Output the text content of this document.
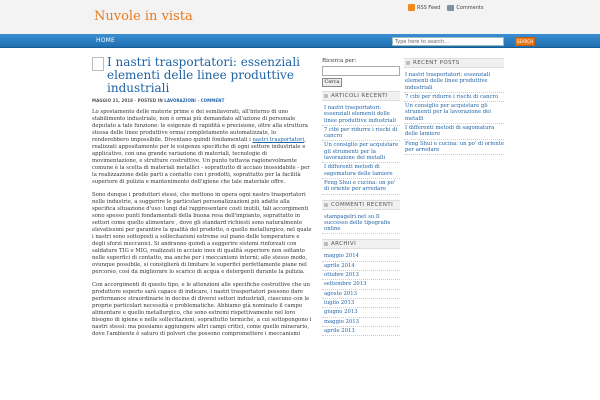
Nuvole in vista
RSS Feed	Comments
HOME	Type here to search...	SEARCH
I nastri trasportatori: essenziali elementi delle linee produttive industriali
MAGGIO 21, 2018 · POSTED IN LAVORAZIONI · COMMENT

Lo spostamento delle materie prime e dei semilavorati, all'interno di uno stabilimento industriale, non è ormai più demandato all'azione di personale deputato a tale funzione: le esigenze di rapidità e precisione, oltre alla struttura stessa delle linee produttive ormai completamente automatizzate, lo renderebbero impossibile. Diventano quindi fondamentali i nastri trasportatori, realizzati appositamente per le esigenze specifiche di ogni settore industriale e applicativo, con una grande variazione di materiali, tecnologie di movimentazione, e strutture costruttive. Un punto tuttavia ragionevolmente comune è la scelta di materiali metallici - soprattutto di acciaio inossidabile - per la realizzazione delle parti a contatto con i prodotti, soprattutto per la facilità superiore di pulizia e mantenimento dell'igiene che tale materiale offre.

Sono dunque i produttori stessi, che mettono in opera ogni nastro trasportatori nelle industrie, a suggerire le particolari personalizzazioni più adatte alla specifica situazione d'uso: lungi dal rappresentare costi inutili, tali accorgimenti sono spesso punti fondamentali della buona resa dell'impianto, soprattutto in settori come quello alimentare , dove gli standard richiesti sono naturalmente elevatissimi per garantire la qualità del prodotto, o quello metallurgico, nel quale i nastri sono sottoposti a sollecitazioni estreme sul piano delle temperature e degli sforzi meccanici. Si andranno quindi a suggerire sistemi rinforzati con saldature TIG e MIG, realizzati in acciaio inox di qualità superiore non soltanto nelle superfici di contatto, ma anche per i meccanismi interni; allo stesso modo, ovunque possibile, si consiglierà di limitare le superfici perfettamente piane nel percorso, così da migliorare lo scarico di acqua e detergenti durante la pulizia.

Con accorgimenti di questo tipo, e le attenzioni alle specifiche costruttive che un produttore esperto sarà capace di indicare, i nastri trasportatori possono dare performance straordinarie in decine di diversi settori industriali, ciascuno con le proprie particolari necessità e problematiche. Abbiamo già nominato il campo alimentare e quello metallurgico, che sono estremi rispettivamente nel loro bisogno di igiene e nelle sollecitazioni, soprattutto termiche, a cui sottopongono i nastri stessi: ma possiamo aggiungere altri campi critici, come quello minerario, dove l'ambiente è saturo di polveri che possono compromettere i meccanismi

Ricerca per:
Cerca
ARTICOLI RECENTI
I nastri trasportatori: essenziali elementi delle linee produttive industriali
7 cibi per ridurre i rischi di cancro
Un consiglio per acquistare gli strumenti per la lavorazione dei metalli
I differenti metodi di sagomatura delle lamiere
Feng Shui e cucina: un po' di oriente per arredare
COMMENTI RECENTI
stampagelri.net su Il successo delle tipografie online
ARCHIVI
maggio 2014
aprile 2014
ottobre 2013
settembre 2013
agosto 2013
luglio 2013
giugno 2013
maggio 2013
aprile 2013
RECENT POSTS
I nastri trasportatori: essenziali elementi delle linee produttive industriali
7 cibi per ridurre i rischi di cancro
Un consiglio per acquistare gli strumenti per la lavorazione dei metalli
I differenti metodi di sagomatura delle lamiere
Feng Shui e cucina: un po' di oriente per arredare
